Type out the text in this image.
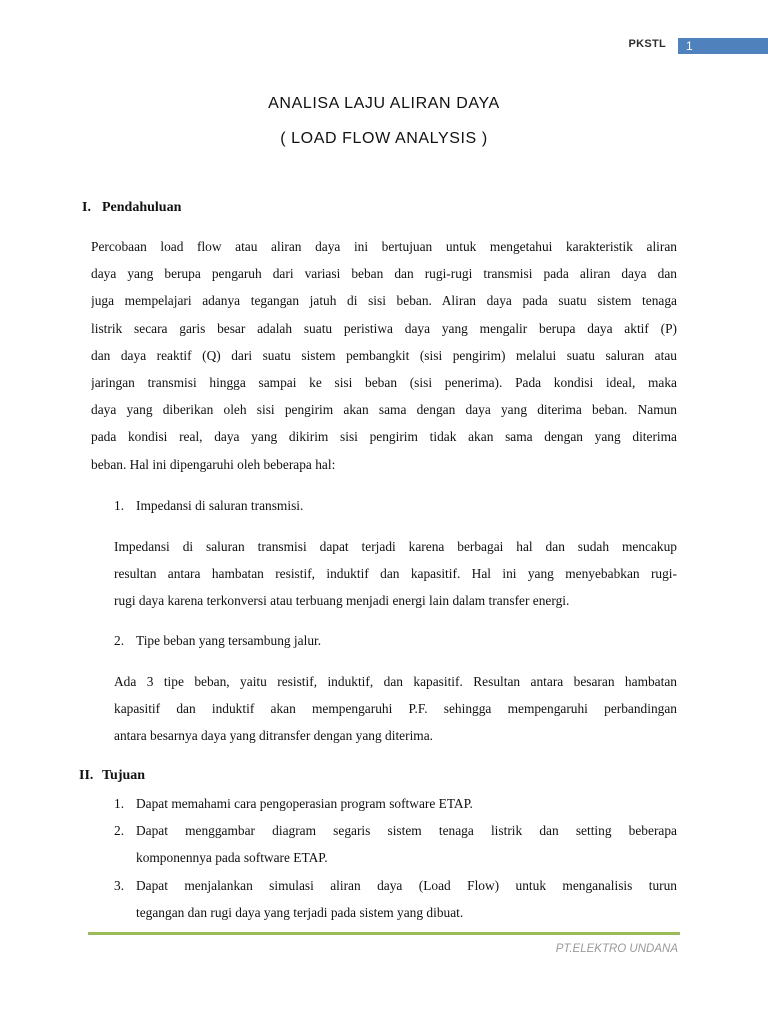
PKSTL	1
ANALISA LAJU ALIRAN DAYA
( LOAD FLOW ANALYSIS )
I. Pendahuluan
Percobaan load flow atau aliran daya ini bertujuan untuk mengetahui karakteristik aliran
daya yang berupa pengaruh dari variasi beban dan rugi-rugi transmisi pada aliran daya dan
juga mempelajari adanya tegangan jatuh di sisi beban. Aliran daya pada suatu sistem tenaga
listrik secara garis besar adalah suatu peristiwa daya yang mengalir berupa daya aktif (P)
dan daya reaktif (Q) dari suatu sistem pembangkit (sisi pengirim) melalui suatu saluran atau
jaringan transmisi hingga sampai ke sisi beban (sisi penerima). Pada kondisi ideal, maka
daya yang diberikan oleh sisi pengirim akan sama dengan daya yang diterima beban. Namun
pada kondisi real, daya yang dikirim sisi pengirim tidak akan sama dengan yang diterima
beban. Hal ini dipengaruhi oleh beberapa hal:
1. Impedansi di saluran transmisi.
Impedansi di saluran transmisi dapat terjadi karena berbagai hal dan sudah mencakup
resultan antara hambatan resistif, induktif dan kapasitif. Hal ini yang menyebabkan rugi-
rugi daya karena terkonversi atau terbuang menjadi energi lain dalam transfer energi.
2. Tipe beban yang tersambung jalur.
Ada 3 tipe beban, yaitu resistif, induktif, dan kapasitif. Resultan antara besaran hambatan
kapasitif dan induktif akan mempengaruhi P.F. sehingga mempengaruhi perbandingan
antara besarnya daya yang ditransfer dengan yang diterima.
II. Tujuan
1. Dapat memahami cara pengoperasian program software ETAP.
2. Dapat menggambar diagram segaris sistem tenaga listrik dan setting beberapa
komponennya pada software ETAP.
3. Dapat menjalankan simulasi aliran daya (Load Flow) untuk menganalisis turun
tegangan dan rugi daya yang terjadi pada sistem yang dibuat.
PT.ELEKTRO UNDANA
